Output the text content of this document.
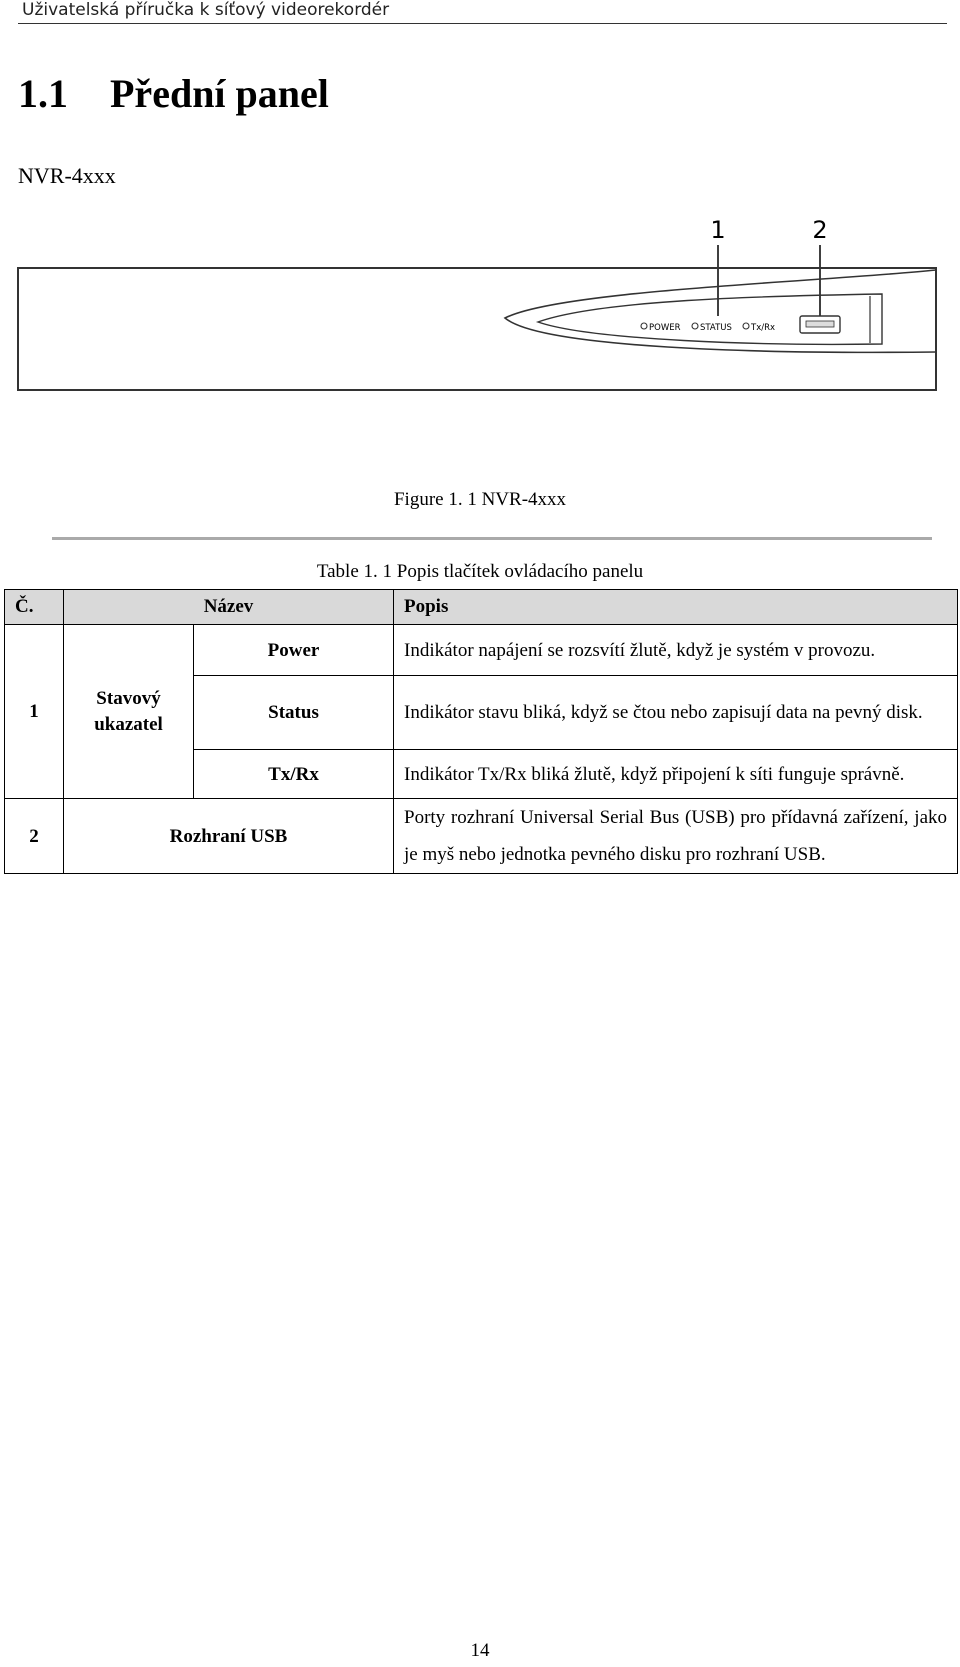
Uživatelská příručka k síťový videorekordér
1.1 Přední panel
NVR-4xxx
1	2
POWER STATUS Tx/Rx
Figure 1. 1 NVR-4xxx
Table 1. 1 Popis tlačítek ovládacího panelu
Č.	Název		Popis
1	Stavový ukazatel	Power	Indikátor napájení se rozsvítí žlutě, když je systém v provozu.
		Status	Indikátor stavu bliká, když se čtou nebo zapisují data na pevný disk.
		Tx/Rx	Indikátor Tx/Rx bliká žlutě, když připojení k síti funguje správně.
2	Rozhraní USB		Porty rozhraní Universal Serial Bus (USB) pro přídavná zařízení, jako je myš nebo jednotka pevného disku pro rozhraní USB.
14
